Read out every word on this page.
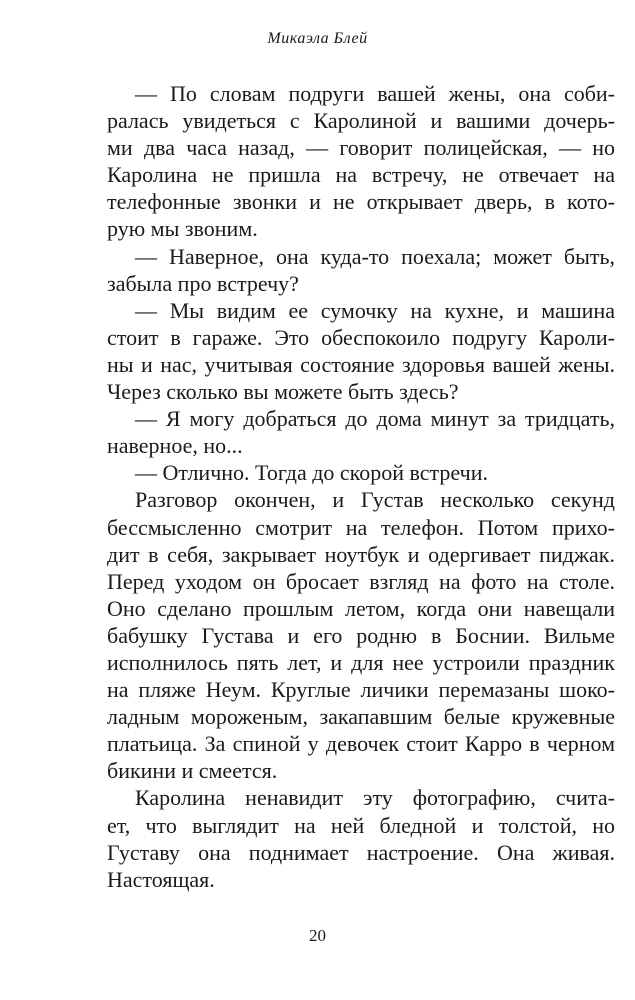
Микаэла Блей
— По словам подруги вашей жены, она соби-
ралась увидеться с Каролиной и вашими дочерь-
ми два часа назад, — говорит полицейская, — но
Каролина не пришла на встречу, не отвечает на
телефонные звонки и не открывает дверь, в кото-
рую мы звоним.
— Наверное, она куда-то поехала; может быть,
забыла про встречу?
— Мы видим ее сумочку на кухне, и машина
стоит в гараже. Это обеспокоило подругу Кароли-
ны и нас, учитывая состояние здоровья вашей жены.
Через сколько вы можете быть здесь?
— Я могу добраться до дома минут за тридцать,
наверное, но...
— Отлично. Тогда до скорой встречи.
Разговор окончен, и Густав несколько секунд
бессмысленно смотрит на телефон. Потом прихо-
дит в себя, закрывает ноутбук и одергивает пиджак.
Перед уходом он бросает взгляд на фото на столе.
Оно сделано прошлым летом, когда они навещали
бабушку Густава и его родню в Боснии. Вильме
исполнилось пять лет, и для нее устроили праздник
на пляже Неум. Круглые личики перемазаны шоко-
ладным мороженым, закапавшим белые кружевные
платьица. За спиной у девочек стоит Карро в черном
бикини и смеется.
Каролина ненавидит эту фотографию, счита-
ет, что выглядит на ней бледной и толстой, но
Густаву она поднимает настроение. Она живая.
Настоящая.
20
